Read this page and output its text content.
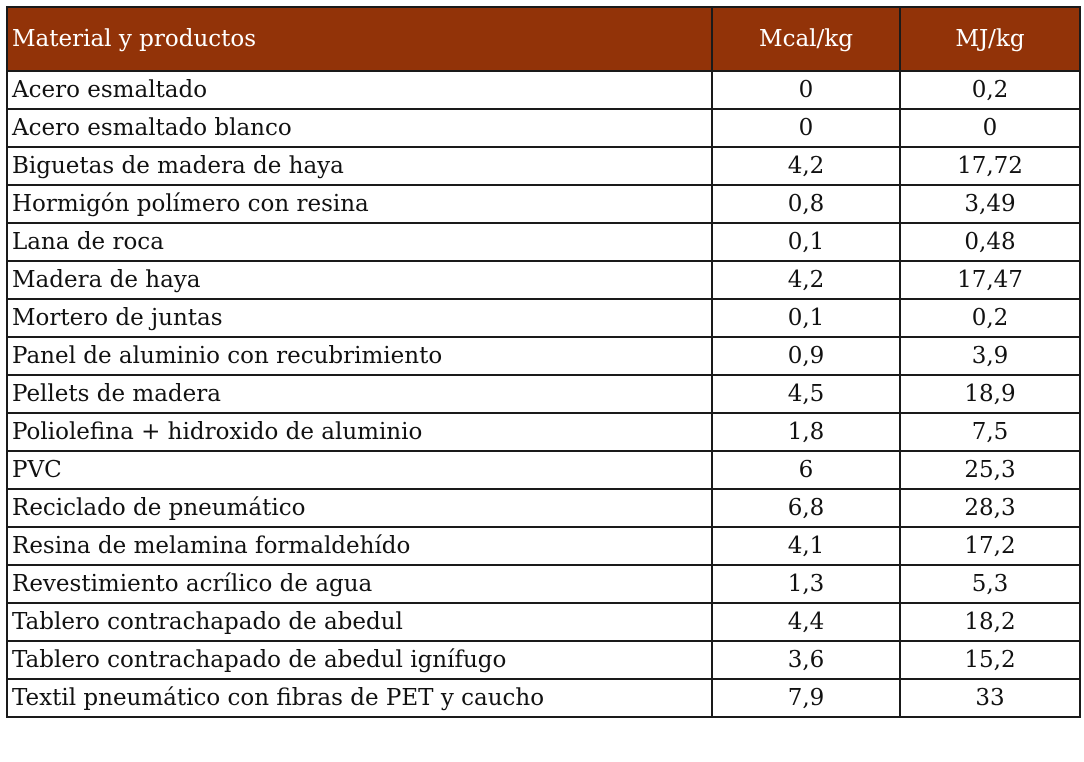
Material y productos	Mcal/kg	MJ/kg
Acero esmaltado	0	0,2
Acero esmaltado blanco	0	0
Biguetas de madera de haya	4,2	17,72
Hormigón polímero con resina	0,8	3,49
Lana de roca	0,1	0,48
Madera de haya	4,2	17,47
Mortero de juntas	0,1	0,2
Panel de aluminio con recubrimiento	0,9	3,9
Pellets de madera	4,5	18,9
Poliolefina + hidroxido de aluminio	1,8	7,5
PVC	6	25,3
Reciclado de pneumático	6,8	28,3
Resina de melamina formaldehído	4,1	17,2
Revestimiento acrílico de agua	1,3	5,3
Tablero contrachapado de abedul	4,4	18,2
Tablero contrachapado de abedul ignífugo	3,6	15,2
Textil pneumático con fibras de PET y caucho	7,9	33
